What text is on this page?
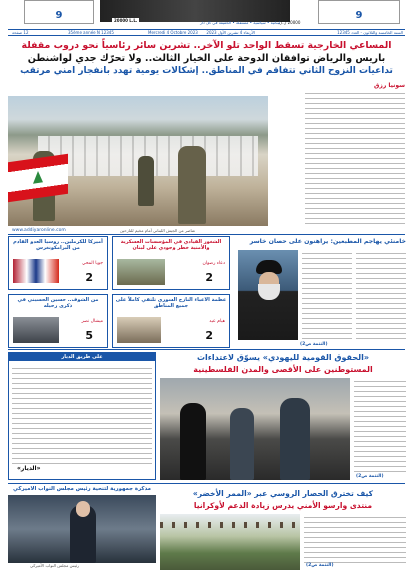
9	20000 L.L.	لبنانية • سياسية • مستقلة • الحقيقة في كل دار
20000 ل.ل.
9
السنة الخامسة والثلاثون - العدد 12345
الأربعاء 4 تشرين الأول 2023
Mercredi 4 Octobre 2023
35ème année N 12345
12 صفحة
المساعي الخارجية تسقط الواحد تلو الآخر.. تشرين سائر رئاسياً نحو دروب مقفلة
باريس والرياض توافقان الدوحة على الخيار الثالث.. ولا تحرّك جدي لواشنطن
تداعيات النزوح الثاني تتفاقم في المناطق.. إشكالات يومية تهدد بانفجار امني مرتقب
سونيا رزق
www.addiyaronline.com	عناصر من الجيش اللبناني أمام مخيم للنازحين
أميركا للكرملين.. روسيا العدو القادم من البرامكونغرس
جويا المحي
2
الشغور القيادي في المؤسسات العسكرية والأمنية خطر وجودي على لبنان
دعاء رضوان
2
من الشوف.. حسين الحسيني في ذكرى رحيله
ميشال نصر
5
عظمة الاعباء النازح السوري تلتقي كاملاً على جميع المناطق
هيام عيد
2
خامنئي يهاجم المطبعين: يراهنون على حصان خاسر
(التتمة ص2)
على طريق الديار
«الديار»
«الحقوق القومية لليهودي» يسوّق لاعتداءات
المستوطنين على الأقصى والمدن الفلسطينية
(التتمة ص2)
مذكرة جمهورية لتنحية رئيس مجلس النواب الأميركي
رئيس مجلس النواب الأميركي
كيف تخترق الحصار الروسي عبر «الممر الأخضر»
منتدى وارسو الأمني يدرس زيادة الدعم لأوكرانيا
(التتمة ص2)
